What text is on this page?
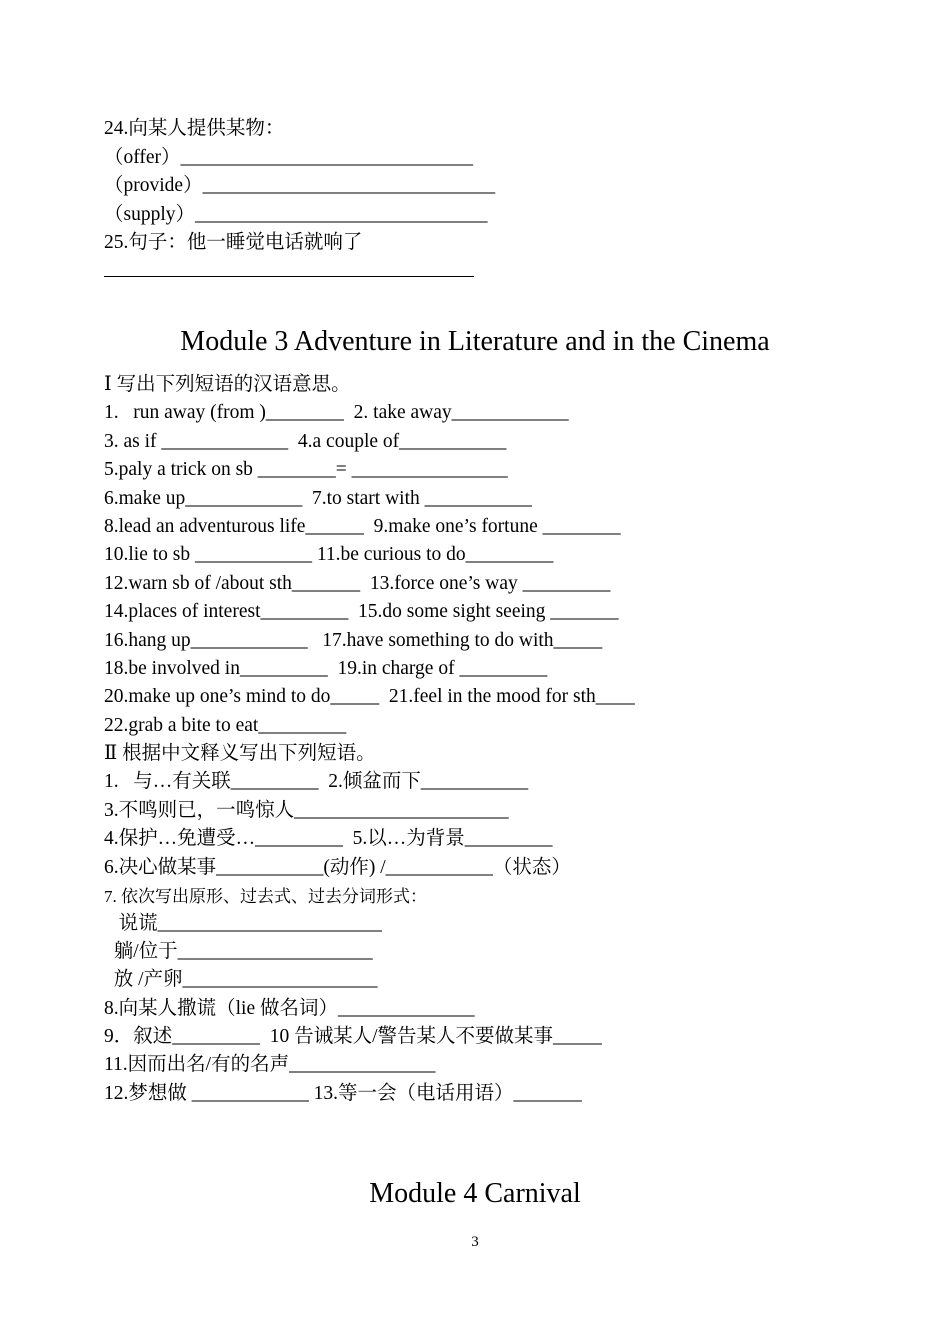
24.向某人提供某物：
（offer）______________________________
（provide）______________________________
（supply）______________________________
25.句子：他一睡觉电话就响了
Module 3 Adventure in Literature and in the Cinema
Ⅰ 写出下列短语的汉语意思。
1.   run away (from )________  2. take away____________
3. as if _____________  4.a couple of___________
5.paly a trick on sb ________= ________________
6.make up____________  7.to start with ___________
8.lead an adventurous life______  9.make one’s fortune ________
10.lie to sb ____________ 11.be curious to do_________
12.warn sb of /about sth_______  13.force one’s way _________
14.places of interest_________  15.do some sight seeing _______
16.hang up____________   17.have something to do with_____
18.be involved in_________  19.in charge of _________
20.make up one’s mind to do_____  21.feel in the mood for sth____
22.grab a bite to eat_________
Ⅱ 根据中文释义写出下列短语。
1.   与…有关联_________  2.倾盆而下___________
3.不鸣则已，一鸣惊人______________________
4.保护…免遭受…_________  5.以…为背景_________
6.决心做某事___________(动作) /___________（状态）
7. 依次写出原形、过去式、过去分词形式：
说谎_______________________
躺/位于____________________
放 /产卵____________________
8.向某人撒谎（lie 做名词）______________
9．叙述_________  10 告诫某人/警告某人不要做某事_____
11.因而出名/有的名声_______________
12.梦想做 ____________ 13.等一会（电话用语）_______
Module 4 Carnival
3
